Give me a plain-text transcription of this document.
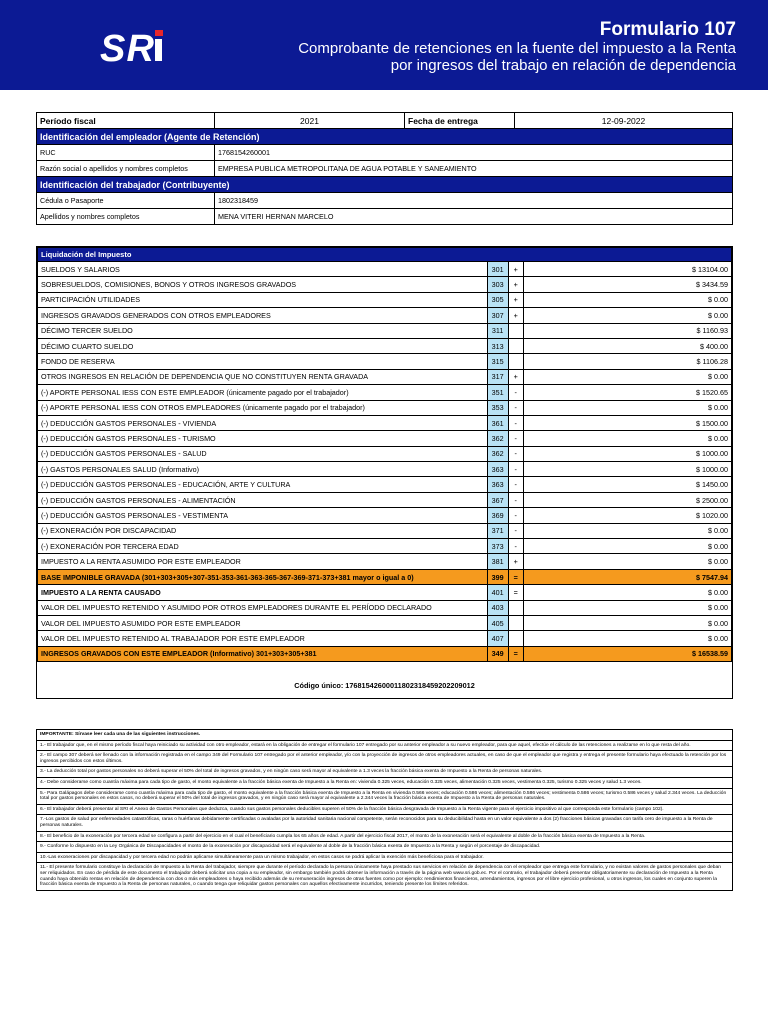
SR	Formulario 107
Comprobante de retenciones en la fuente del impuesto a la Renta
por ingresos del trabajo en relación de dependencia
Período fiscal	2021	Fecha de entrega	12-09-2022
Identificación del empleador (Agente de Retención)			
RUC	1768154260001		
Razón social o apellidos y nombres completos	EMPRESA PUBLICA METROPOLITANA DE AGUA POTABLE Y SANEAMIENTO		
Identificación del trabajador (Contribuyente)			
Cédula o Pasaporte	1802318459		
Apellidos y nombres completos	MENA VITERI HERNAN MARCELO		
Liquidación del Impuesto			
SUELDOS Y SALARIOS	301	+	$ 13104.00
SOBRESUELDOS, COMISIONES, BONOS Y OTROS INGRESOS GRAVADOS	303	+	$ 3434.59
PARTICIPACIÓN UTILIDADES	305	+	$ 0.00
INGRESOS GRAVADOS GENERADOS CON OTROS EMPLEADORES	307	+	$ 0.00
DÉCIMO TERCER SUELDO	311		$ 1160.93
DÉCIMO CUARTO SUELDO	313		$ 400.00
FONDO DE RESERVA	315		$ 1106.28
OTROS INGRESOS EN RELACIÓN DE DEPENDENCIA QUE NO CONSTITUYEN RENTA GRAVADA	317	+	$ 0.00
(-) APORTE PERSONAL IESS CON ESTE EMPLEADOR (únicamente pagado por el trabajador)	351	-	$ 1520.65
(-) APORTE PERSONAL IESS CON OTROS EMPLEADORES (únicamente pagado por el trabajador)	353	-	$ 0.00
(-) DEDUCCIÓN GASTOS PERSONALES - VIVIENDA	361	-	$ 1500.00
(-) DEDUCCIÓN GASTOS PERSONALES - TURISMO	362	-	$ 0.00
(-) DEDUCCIÓN GASTOS PERSONALES - SALUD	362	-	$ 1000.00
(-) GASTOS PERSONALES SALUD (Informativo)	363	-	$ 1000.00
(-) DEDUCCIÓN GASTOS PERSONALES - EDUCACIÓN, ARTE Y CULTURA	363	-	$ 1450.00
(-) DEDUCCIÓN GASTOS PERSONALES - ALIMENTACIÓN	367	-	$ 2500.00
(-) DEDUCCIÓN GASTOS PERSONALES - VESTIMENTA	369	-	$ 1020.00
(-) EXONERACIÓN POR DISCAPACIDAD	371	-	$ 0.00
(-) EXONERACIÓN POR TERCERA EDAD	373	-	$ 0.00
IMPUESTO A LA RENTA ASUMIDO POR ESTE EMPLEADOR	381	+	$ 0.00
BASE IMPONIBLE GRAVADA (301+303+305+307-351-353-361-363-365-367-369-371-373+381 mayor o igual a 0)	399	=	$ 7547.94
IMPUESTO A LA RENTA CAUSADO	401	=	$ 0.00
VALOR DEL IMPUESTO RETENIDO Y ASUMIDO POR OTROS EMPLEADORES DURANTE EL PERÍODO DECLARADO	403		$ 0.00
VALOR DEL IMPUESTO ASUMIDO POR ESTE EMPLEADOR	405		$ 0.00
VALOR DEL IMPUESTO RETENIDO AL TRABAJADOR POR ESTE EMPLEADOR	407		$ 0.00
INGRESOS GRAVADOS CON ESTE EMPLEADOR (Informativo) 301+303+305+381	349	=	$ 16538.59
Código único: 17681542600011802318459202209012
IMPORTANTE: Sírvase leer cada una de las siguientes instrucciones.
1.- El trabajador que, en el mismo período fiscal haya reiniciado su actividad con otro empleador, estará en la obligación de entregar el formulario 107 entregado por su anterior empleador a su nuevo empleador, para que aquel, efectúe el cálculo de las retenciones a realizarse en lo que resta del año.
2.- El campo 307 deberá ser llenado con la información registrada en el campo 349 del Formulario 107 entregado por el anterior empleador, y/o con la proyección de ingresos de otros empleadores actuales, en caso de que el empleador que registra y entrega el presente formulario haya efectuado la retención por los ingresos percibidos con estos últimos.
3.- La deducción total por gastos personales no deberá superar el 50% del total de ingresos gravados, y en ningún caso será mayor al equivalente a 1.3 veces la fracción básica exenta de Impuesto a la Renta de personas naturales.
4.- Debe considerarse como cuantía máxima para cada tipo de gasto, el monto equivalente a la fracción básica exenta de Impuesto a la Renta en: vivienda 0.325 veces, educación 0.325 veces, alimentación 0.325 veces, vestimenta 0.325, turismo 0.325 veces y salud 1.3 veces.
5.- Para Galápagos debe considerarse como cuantía máxima para cada tipo de gasto, el monto equivalente a la fracción básica exenta de Impuesto a la Renta en vivienda 0.566 veces; educación 0.586 veces; alimentación 0.586 veces; vestimenta 0.586 veces; turismo 0.586 veces y salud 2.344 veces. La deducción total por gastos personales en estos casos, no deberá superar el 50% del total de ingresos gravados, y en ningún caso será mayor al equivalente a 2.344 veces la fracción básica exenta de Impuesto a la Renta de personas naturales.
6.- El trabajador deberá presentar al SRI el Anexo de Gastos Personales que deduzca, cuando sus gastos personales deducibles superen el 50% de la fracción básica desgravada de Impuesto a la Renta vigente para el ejercicio impositivo al que corresponda este formulario (campo 102).
7.-Los gastos de salud por enfermedades catastróficas, raras o huérfanas debidamente certificadas o avaladas por la autoridad sanitaria nacional competente, serán reconocidos para su deducibilidad hasta en un valor equivalente a dos (2) fracciones básicas gravadas con tarifa cero de impuesto a la Renta de personas naturales.
8.- El beneficio de la exoneración por tercera edad se configura a partir del ejercicio en el cual el beneficiario cumpla los 65 años de edad. A partir del ejercicio fiscal 2017, el monto de la exoneración será el equivalente al doble de la fracción básica exenta de Impuesto a la Renta.
9.- Conforme lo dispuesto en la Ley Orgánica de Discapacidades el monto de la exoneración por discapacidad será el equivalente al doble de la fracción básica exenta de Impuesto a la Renta y según el porcentaje de discapacidad.
10.-Las exoneraciones por discapacidad y por tercera edad no podrán aplicarse simultáneamente para un mismo trabajador, en estos casos se podrá aplicar la exención más beneficiosa para el trabajador.
11.- El presente formulario constituye la declaración de Impuesto a la Renta del trabajador, siempre que durante el período declarado la persona únicamente haya prestado sus servicios en relación de dependencia con el empleador que entrega este formulario, y no existan valores de gastos personales que deban ser reliquidados. En caso de pérdida de este documento el trabajador deberá solicitar una copia a su empleador, sin embargo también podrá obtener la información a través de la página web www.sri.gob.ec. Por el contrario, el trabajador deberá presentar obligatoriamente su declaración de Impuesto a la Renta cuando haya obtenido rentas en relación de dependencia con dos o más empleadores o haya recibido además de su remuneración ingresos de otras fuentes como por ejemplo: rendimientos financieros, arrendamientos, ingresos por el libre ejercicio profesional, u otros ingresos, los cuales en conjunto superen la fracción básica exenta de Impuesto a la Renta de personas naturales, o cuando tenga que reliquidar gastos personales con aquellos efectivamente incurridos, teniendo presente los límites referidos.
